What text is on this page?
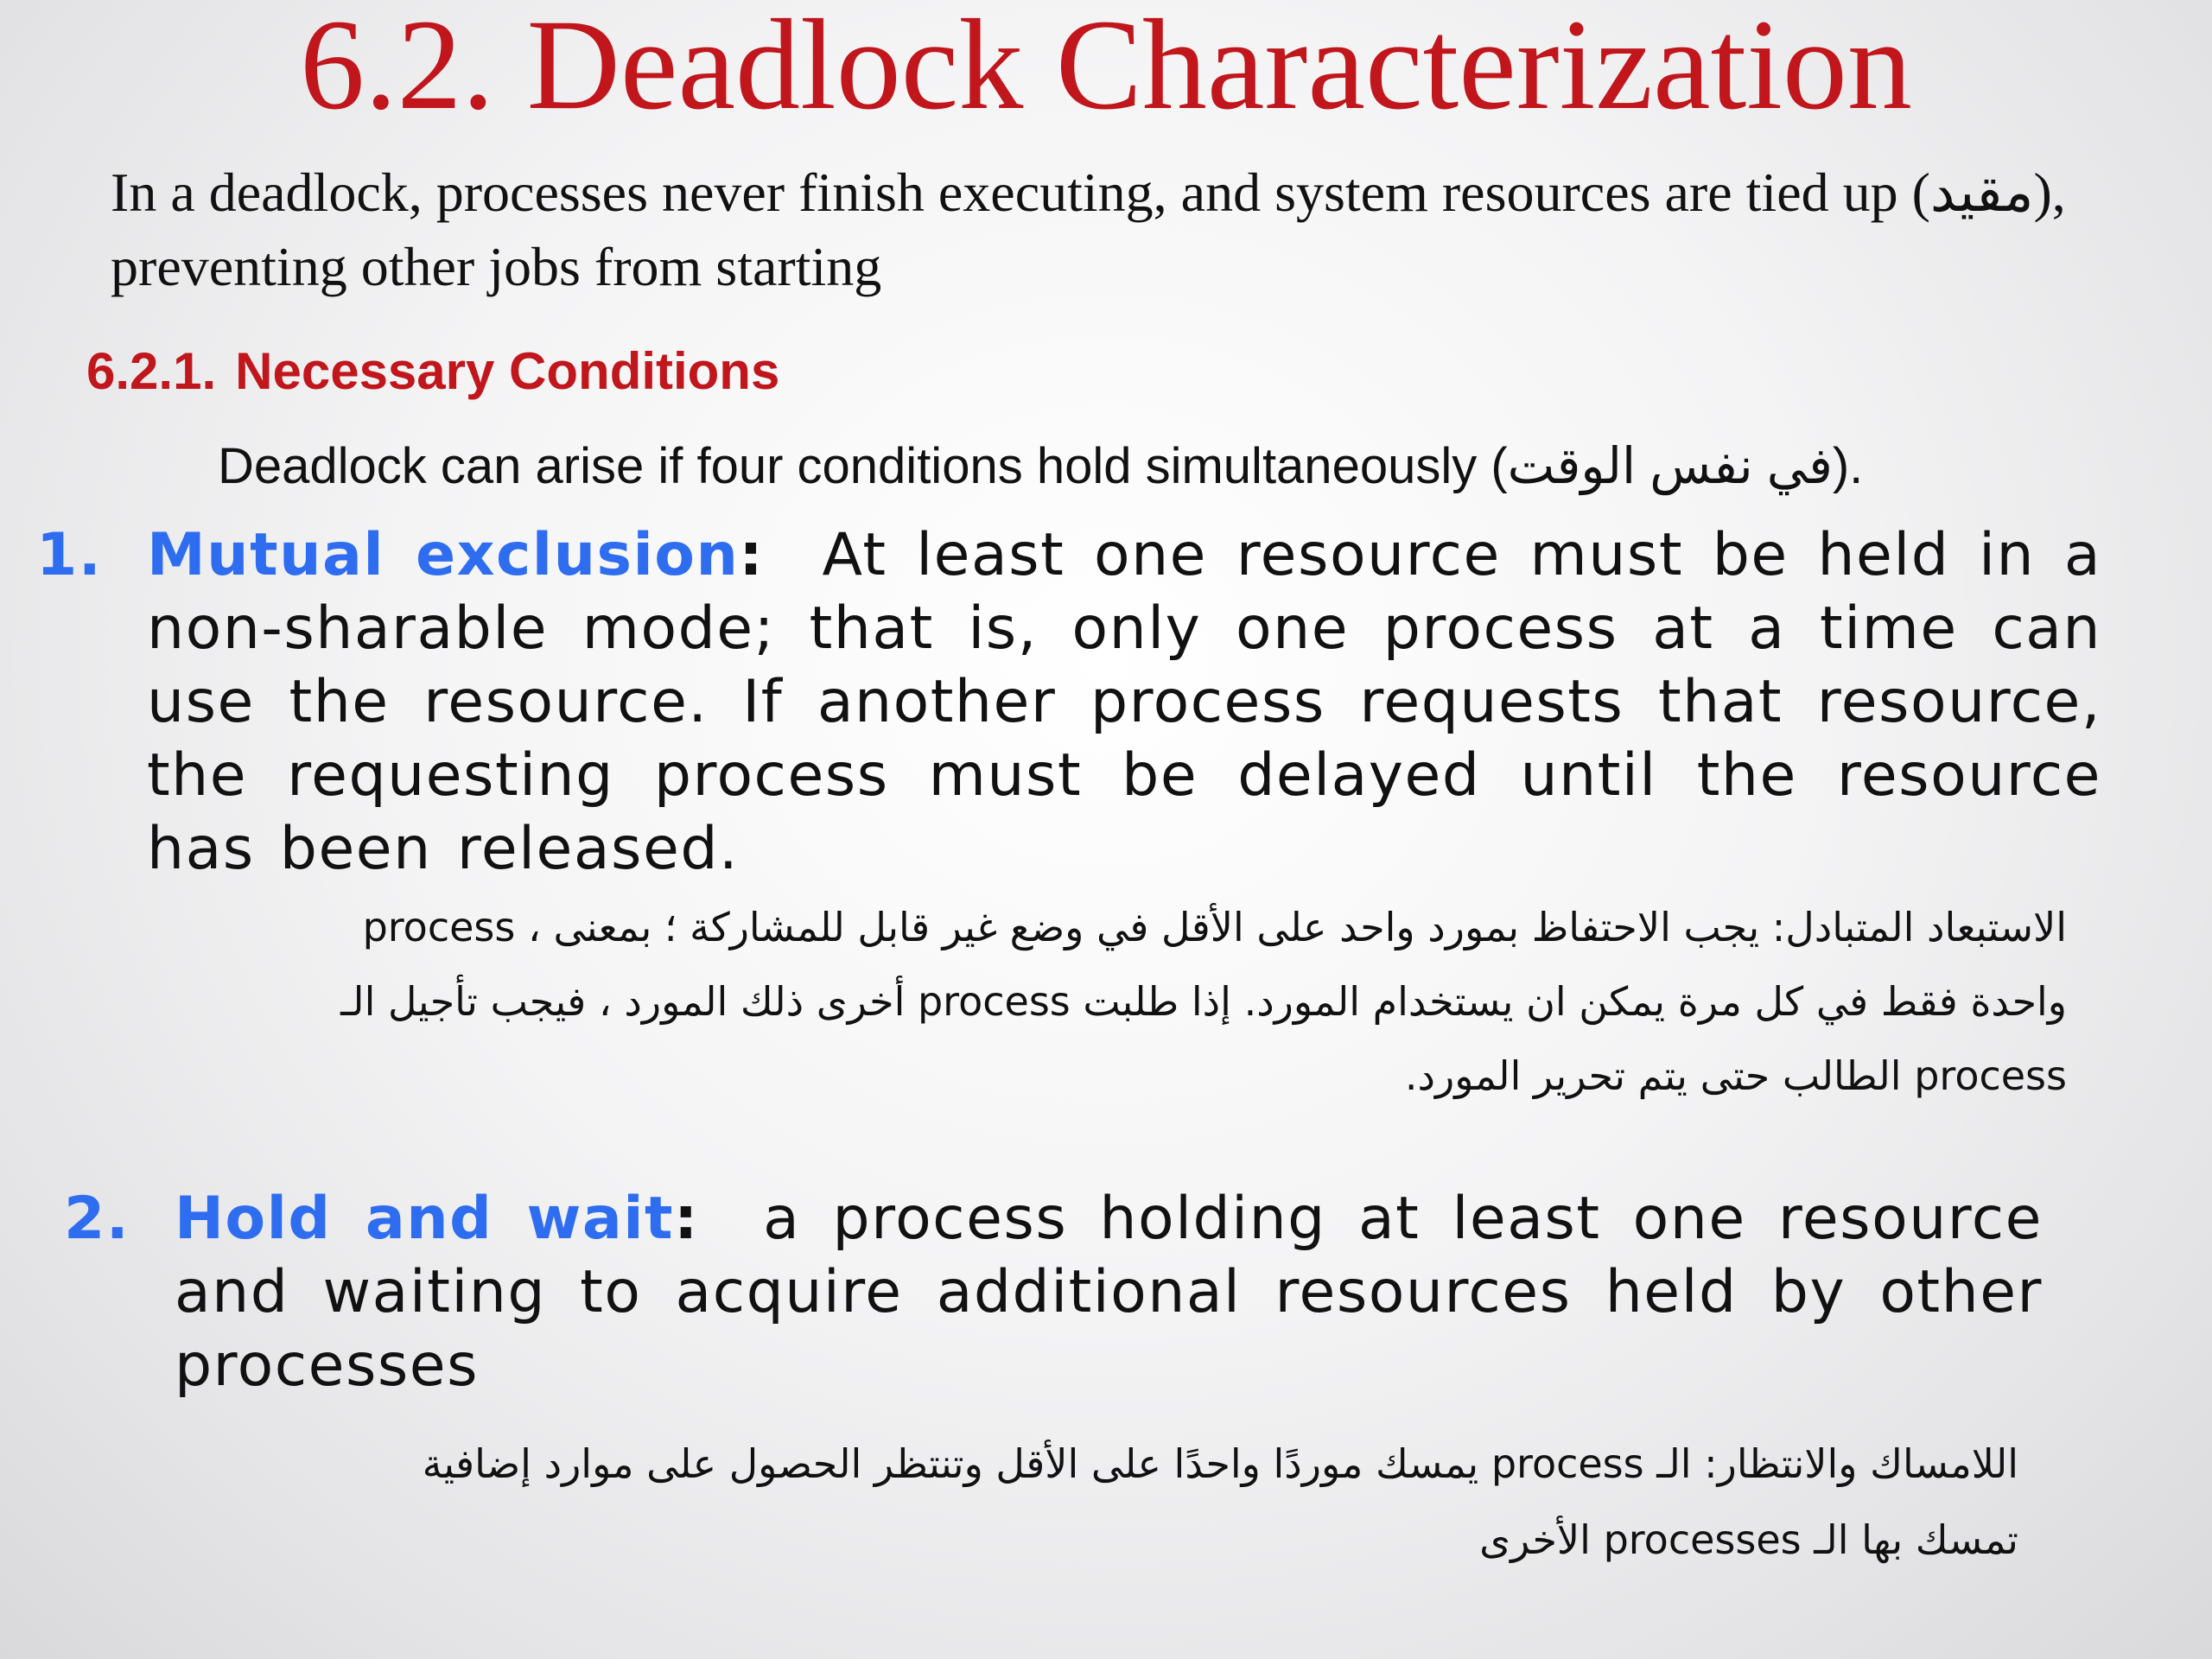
6.2. Deadlock Characterization
In a deadlock, processes never finish executing, and system resources are tied up (مقيد), preventing other jobs from starting
6.2.1. Necessary Conditions
Deadlock can arise if four conditions hold simultaneously (في نفس الوقت).
1. Mutual exclusion: At least one resource must be held in a non-sharable mode; that is, only one process at a time can use the resource. If another process requests that resource, the requesting process must be delayed until the resource has been released.
الاستبعاد المتبادل: يجب الاحتفاظ بمورد واحد على الأقل في وضع غير قابل للمشاركة ؛ بمعنى ، process
واحدة فقط في كل مرة يمكن ان يستخدام المورد. إذا طلبت process أخرى ذلك المورد ، فيجب تأجيل الـ
process الطالب حتى يتم تحرير المورد.
2. Hold and wait: a process holding at least one resource and waiting to acquire additional resources held by other processes
اللامساك والانتظار: الـ process يمسك موردًا واحدًا على الأقل وتنتظر الحصول على موارد إضافية
تمسك بها الـ processes الأخرى
